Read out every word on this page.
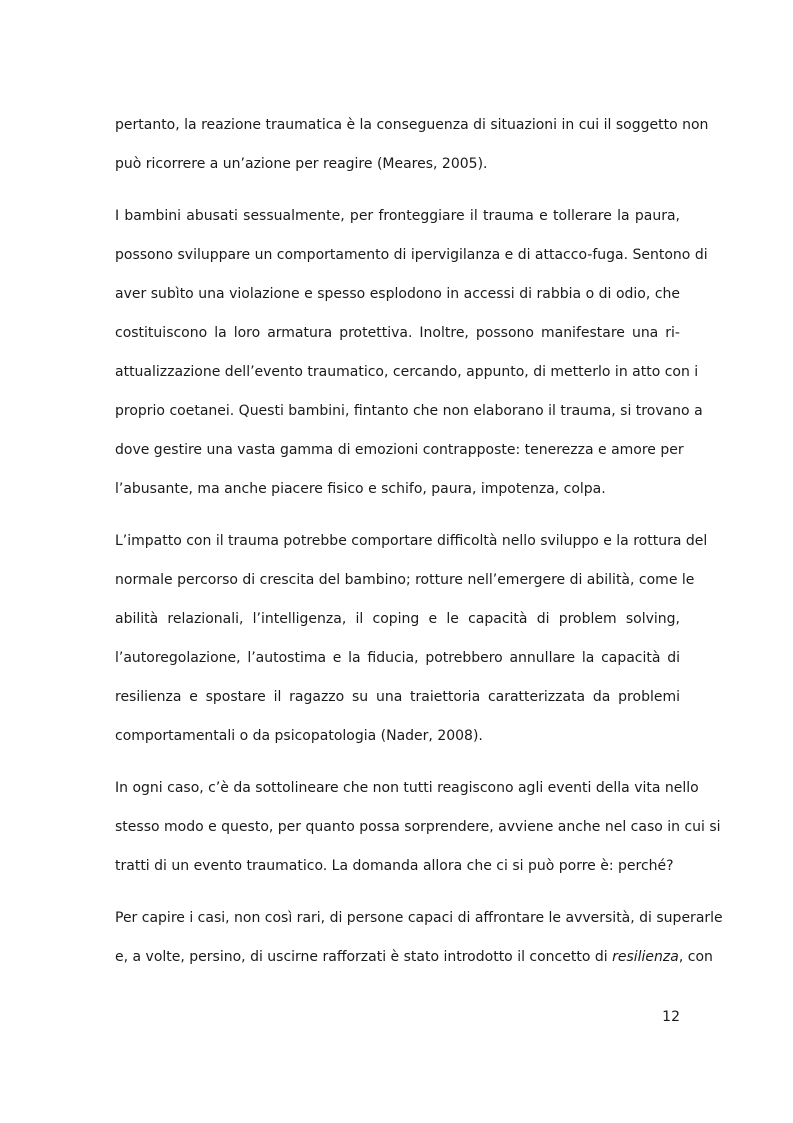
pertanto, la reazione traumatica è la conseguenza di situazioni in cui il soggetto non
può ricorrere a un’azione per reagire (Meares, 2005).
I bambini abusati sessualmente, per fronteggiare il trauma e tollerare la paura,
possono sviluppare un comportamento di ipervigilanza e di attacco-fuga. Sentono di
aver subìto una violazione e spesso esplodono in accessi di rabbia o di odio, che
costituiscono la loro armatura protettiva. Inoltre, possono manifestare una ri-
attualizzazione dell’evento traumatico, cercando, appunto, di metterlo in atto con i
proprio coetanei. Questi bambini, fintanto che non elaborano il trauma, si trovano a
dove gestire una vasta gamma di emozioni contrapposte: tenerezza e amore per
l’abusante, ma anche piacere fisico e schifo, paura, impotenza, colpa.
L’impatto con il trauma potrebbe comportare difficoltà nello sviluppo e la rottura del
normale percorso di crescita del bambino; rotture nell’emergere di abilità, come le
abilità relazionali, l’intelligenza, il coping e le capacità di problem solving,
l’autoregolazione, l’autostima e la fiducia, potrebbero annullare la capacità di
resilienza e spostare il ragazzo su una traiettoria caratterizzata da problemi
comportamentali o da psicopatologia (Nader, 2008).
In ogni caso, c’è da sottolineare che non tutti reagiscono agli eventi della vita nello
stesso modo e questo, per quanto possa sorprendere, avviene anche nel caso in cui si
tratti di un evento traumatico. La domanda allora che ci si può porre è: perché?
Per capire i casi, non così rari, di persone capaci di affrontare le avversità, di superarle
e, a volte, persino, di uscirne rafforzati è stato introdotto il concetto di resilienza, con
12
